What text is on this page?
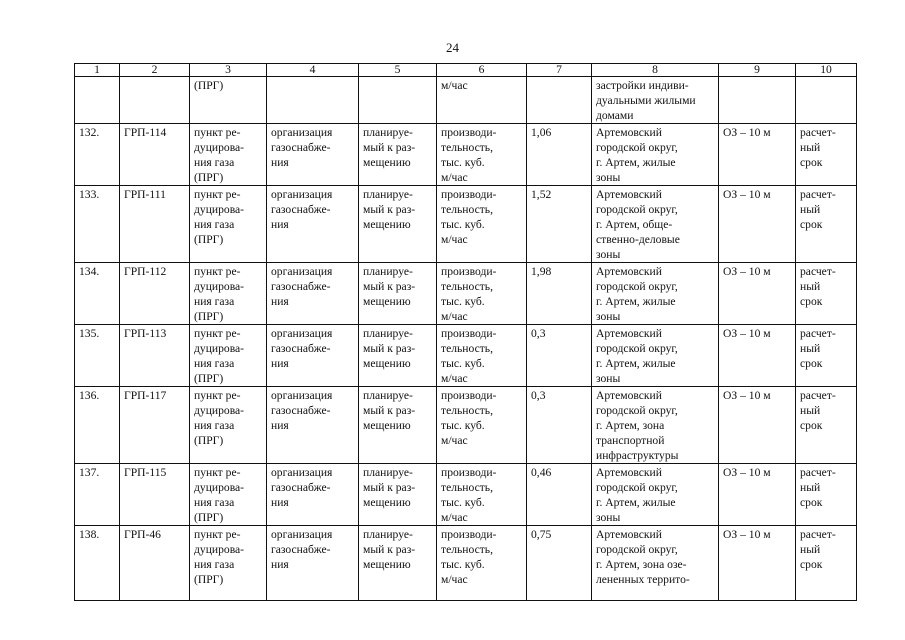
24
1	2	3	4	5	6	7	8	9	10

		(ПРГ)			м/час		застройки индиви-
дуальными жилыми
домами		

132.	ГРП-114	пункт ре-
дуцирова-
ния газа
(ПРГ)	организация
газоснабже-
ния	планируе-
мый к раз-
мещению	производи-
тельность,
тыс. куб.
м/час	1,06	Артемовский
городской округ,
г. Артем, жилые
зоны	ОЗ – 10 м	расчет-
ный
срок

133.	ГРП-111	пункт ре-
дуцирова-
ния газа
(ПРГ)	организация
газоснабже-
ния	планируе-
мый к раз-
мещению	производи-
тельность,
тыс. куб.
м/час	1,52	Артемовский
городской округ,
г. Артем, обще-
ственно-деловые
зоны	ОЗ – 10 м	расчет-
ный
срок

134.	ГРП-112	пункт ре-
дуцирова-
ния газа
(ПРГ)	организация
газоснабже-
ния	планируе-
мый к раз-
мещению	производи-
тельность,
тыс. куб.
м/час	1,98	Артемовский
городской округ,
г. Артем, жилые
зоны	ОЗ – 10 м	расчет-
ный
срок

135.	ГРП-113	пункт ре-
дуцирова-
ния газа
(ПРГ)	организация
газоснабже-
ния	планируе-
мый к раз-
мещению	производи-
тельность,
тыс. куб.
м/час	0,3	Артемовский
городской округ,
г. Артем, жилые
зоны	ОЗ – 10 м	расчет-
ный
срок

136.	ГРП-117	пункт ре-
дуцирова-
ния газа
(ПРГ)	организация
газоснабже-
ния	планируе-
мый к раз-
мещению	производи-
тельность,
тыс. куб.
м/час	0,3	Артемовский
городской округ,
г. Артем, зона
транспортной
инфраструктуры	ОЗ – 10 м	расчет-
ный
срок

137.	ГРП-115	пункт ре-
дуцирова-
ния газа
(ПРГ)	организация
газоснабже-
ния	планируе-
мый к раз-
мещению	производи-
тельность,
тыс. куб.
м/час	0,46	Артемовский
городской округ,
г. Артем, жилые
зоны	ОЗ – 10 м	расчет-
ный
срок

138.	ГРП-46	пункт ре-
дуцирова-
ния газа
(ПРГ)	организация
газоснабже-
ния	планируе-
мый к раз-
мещению	производи-
тельность,
тыс. куб.
м/час	0,75	Артемовский
городской округ,
г. Артем, зона озе-
лененных террито-	ОЗ – 10 м	расчет-
ный
срок
